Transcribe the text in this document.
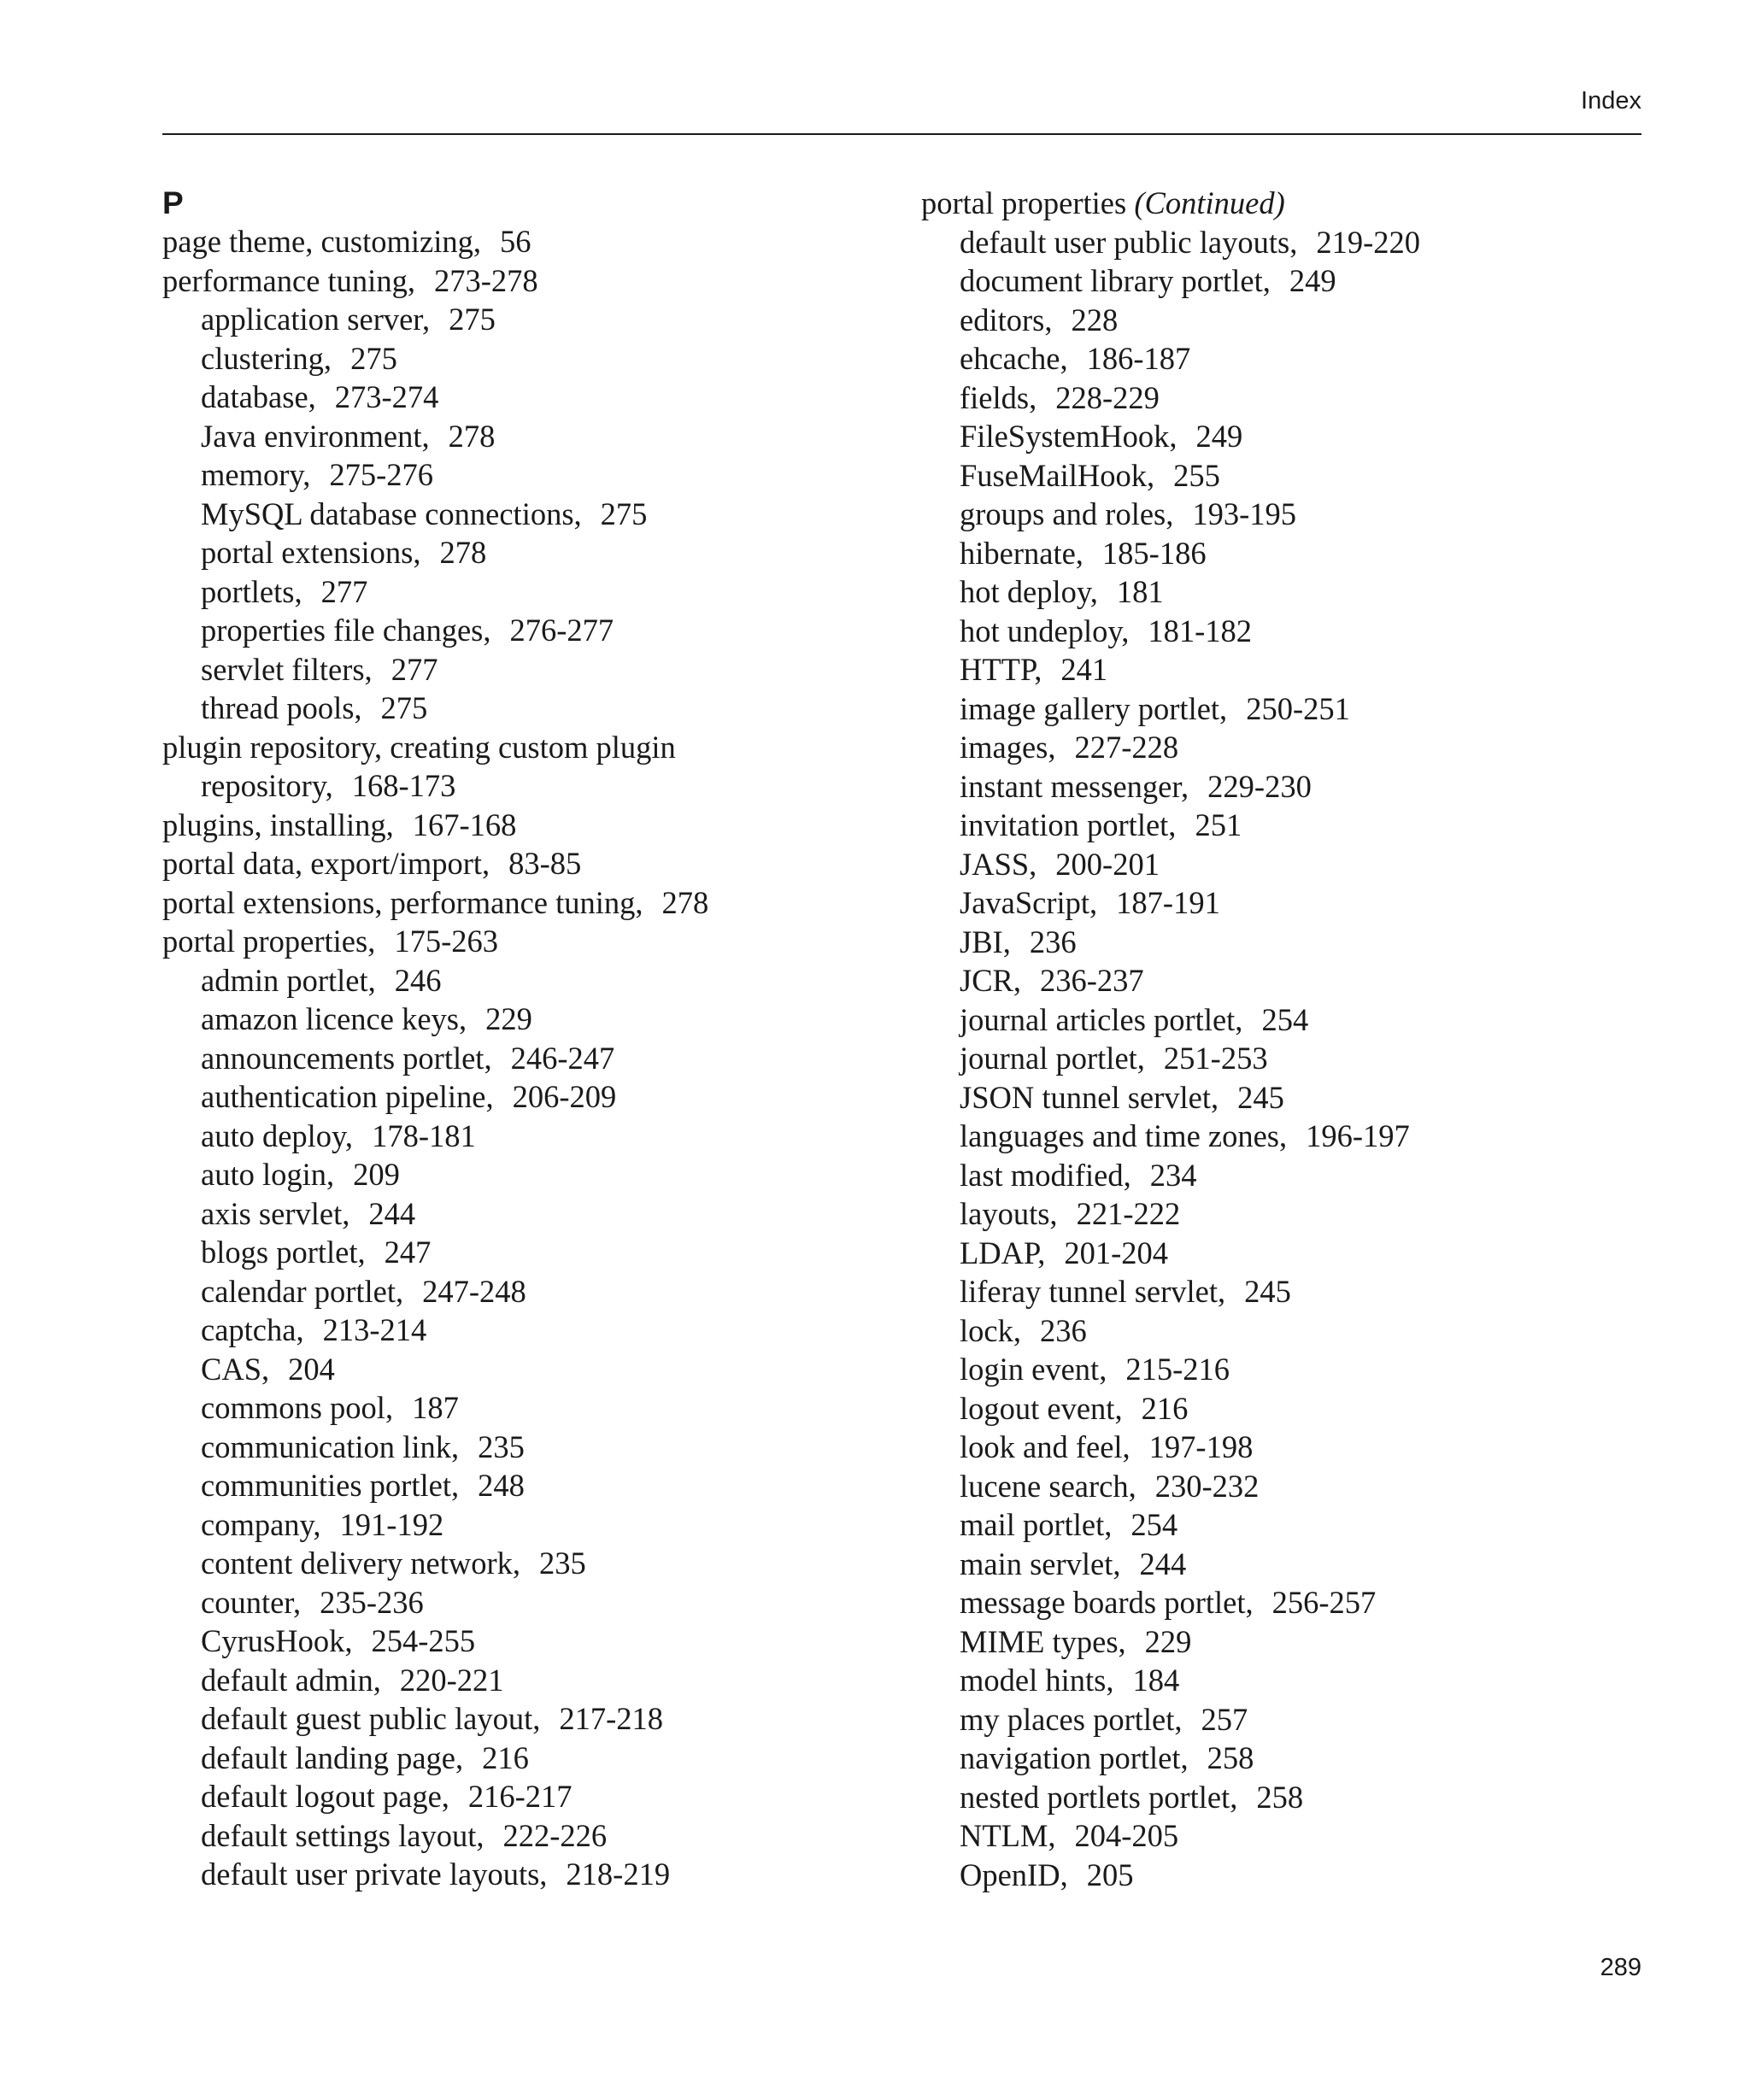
Index
P
page theme, customizing, 56
performance tuning, 273-278
application server, 275
clustering, 275
database, 273-274
Java environment, 278
memory, 275-276
MySQL database connections, 275
portal extensions, 278
portlets, 277
properties file changes, 276-277
servlet filters, 277
thread pools, 275
plugin repository, creating custom plugin
repository, 168-173
plugins, installing, 167-168
portal data, export/import, 83-85
portal extensions, performance tuning, 278
portal properties, 175-263
admin portlet, 246
amazon licence keys, 229
announcements portlet, 246-247
authentication pipeline, 206-209
auto deploy, 178-181
auto login, 209
axis servlet, 244
blogs portlet, 247
calendar portlet, 247-248
captcha, 213-214
CAS, 204
commons pool, 187
communication link, 235
communities portlet, 248
company, 191-192
content delivery network, 235
counter, 235-236
CyrusHook, 254-255
default admin, 220-221
default guest public layout, 217-218
default landing page, 216
default logout page, 216-217
default settings layout, 222-226
default user private layouts, 218-219
portal properties (Continued)
default user public layouts, 219-220
document library portlet, 249
editors, 228
ehcache, 186-187
fields, 228-229
FileSystemHook, 249
FuseMailHook, 255
groups and roles, 193-195
hibernate, 185-186
hot deploy, 181
hot undeploy, 181-182
HTTP, 241
image gallery portlet, 250-251
images, 227-228
instant messenger, 229-230
invitation portlet, 251
JASS, 200-201
JavaScript, 187-191
JBI, 236
JCR, 236-237
journal articles portlet, 254
journal portlet, 251-253
JSON tunnel servlet, 245
languages and time zones, 196-197
last modified, 234
layouts, 221-222
LDAP, 201-204
liferay tunnel servlet, 245
lock, 236
login event, 215-216
logout event, 216
look and feel, 197-198
lucene search, 230-232
mail portlet, 254
main servlet, 244
message boards portlet, 256-257
MIME types, 229
model hints, 184
my places portlet, 257
navigation portlet, 258
nested portlets portlet, 258
NTLM, 204-205
OpenID, 205
289
